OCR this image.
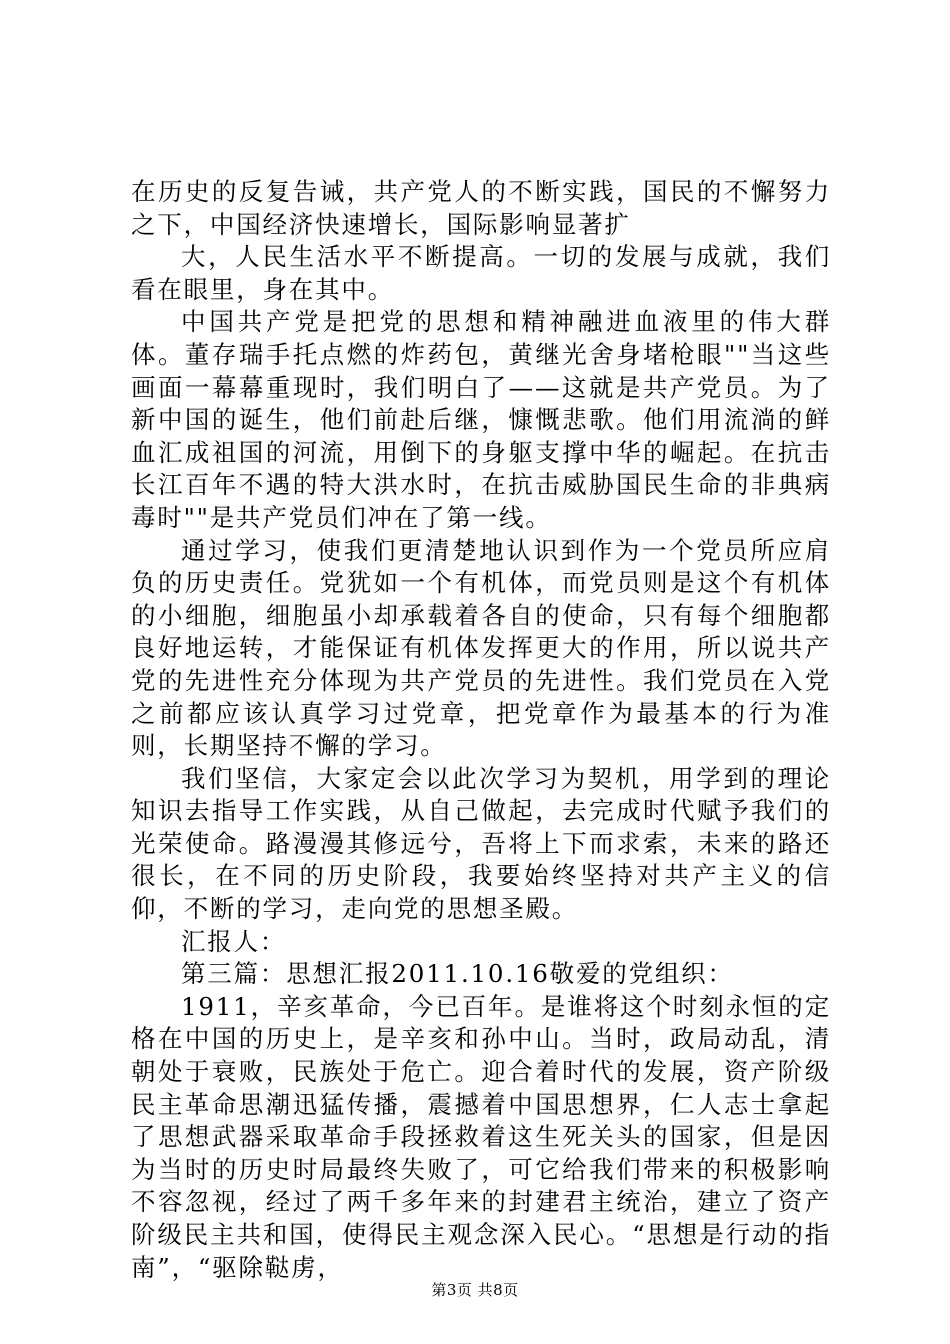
在历史的反复告诫，共产党人的不断实践，国民的不懈努力之下，中国经济快速增长，国际影响显著扩

大，人民生活水平不断提高。一切的发展与成就，我们看在眼里，身在其中。

中国共产党是把党的思想和精神融进血液里的伟大群体。董存瑞手托点燃的炸药包，黄继光舍身堵枪眼""当这些画面一幕幕重现时，我们明白了——这就是共产党员。为了新中国的诞生，他们前赴后继，慷慨悲歌。他们用流淌的鲜血汇成祖国的河流，用倒下的身躯支撑中华的崛起。在抗击长江百年不遇的特大洪水时，在抗击威胁国民生命的非典病毒时""是共产党员们冲在了第一线。

通过学习，使我们更清楚地认识到作为一个党员所应肩负的历史责任。党犹如一个有机体，而党员则是这个有机体的小细胞，细胞虽小却承载着各自的使命，只有每个细胞都良好地运转，才能保证有机体发挥更大的作用，所以说共产党的先进性充分体现为共产党员的先进性。我们党员在入党之前都应该认真学习过党章，把党章作为最基本的行为准则，长期坚持不懈的学习。

我们坚信，大家定会以此次学习为契机，用学到的理论知识去指导工作实践，从自己做起，去完成时代赋予我们的光荣使命。路漫漫其修远兮，吾将上下而求索，未来的路还很长，在不同的历史阶段，我要始终坚持对共产主义的信仰，不断的学习，走向党的思想圣殿。

汇报人：

第三篇：思想汇报2011.10.16敬爱的党组织：

1911，辛亥革命，今已百年。是谁将这个时刻永恒的定格在中国的历史上，是辛亥和孙中山。当时，政局动乱，清朝处于衰败，民族处于危亡。迎合着时代的发展，资产阶级民主革命思潮迅猛传播，震撼着中国思想界，仁人志士拿起了思想武器采取革命手段拯救着这生死关头的国家，但是因为当时的历史时局最终失败了，可它给我们带来的积极影响不容忽视，经过了两千多年来的封建君主统治，建立了资产阶级民主共和国，使得民主观念深入民心。“思想是行动的指南”，“驱除鞑虏，

第3页 共8页
